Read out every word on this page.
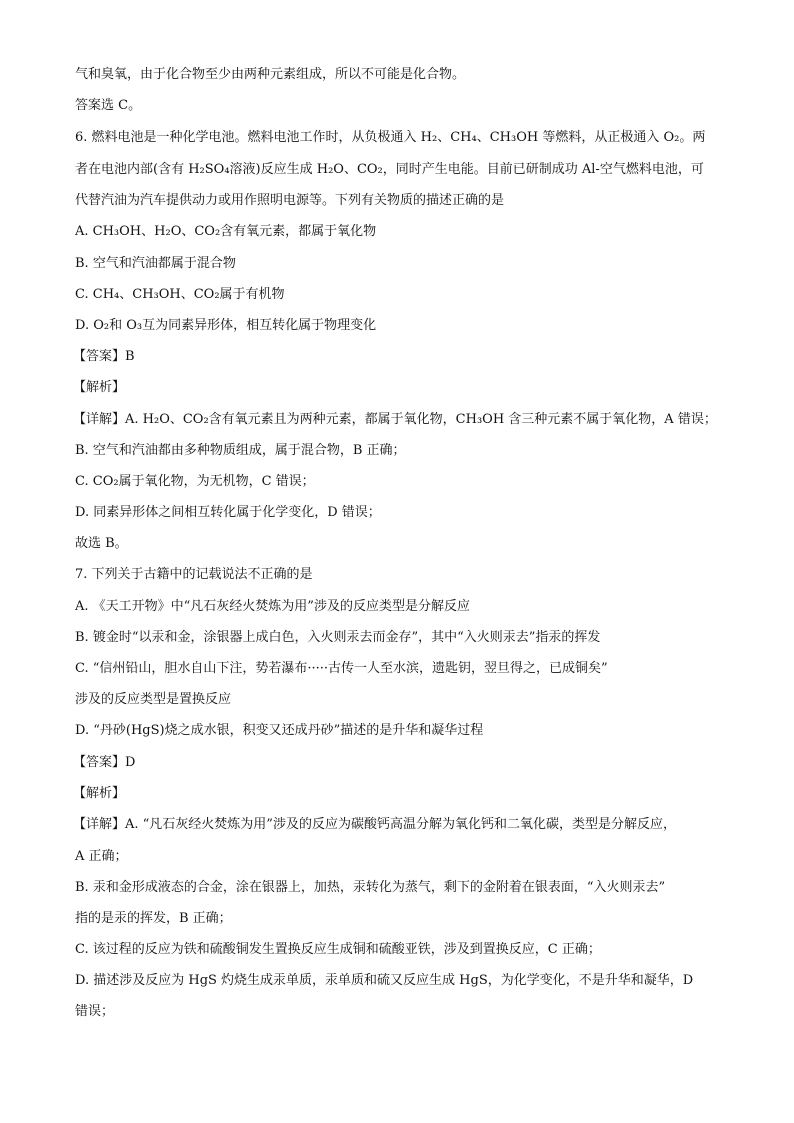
气和臭氧，由于化合物至少由两种元素组成，所以不可能是化合物。
答案选 C。
6. 燃料电池是一种化学电池。燃料电池工作时，从负极通入 H₂、CH₄、CH₃OH 等燃料，从正极通入 O₂。两
者在电池内部(含有 H₂SO₄溶液)反应生成 H₂O、CO₂，同时产生电能。目前已研制成功 Al-空气燃料电池，可
代替汽油为汽车提供动力或用作照明电源等。下列有关物质的描述正确的是
A. CH₃OH、H₂O、CO₂含有氧元素，都属于氧化物
B. 空气和汽油都属于混合物
C. CH₄、CH₃OH、CO₂属于有机物
D. O₂和 O₃互为同素异形体，相互转化属于物理变化
【答案】B
【解析】
【详解】A. H₂O、CO₂含有氧元素且为两种元素，都属于氧化物，CH₃OH 含三种元素不属于氧化物，A 错误；
B. 空气和汽油都由多种物质组成，属于混合物，B 正确；
C. CO₂属于氧化物，为无机物，C 错误；
D. 同素异形体之间相互转化属于化学变化，D 错误；
故选 B。
7. 下列关于古籍中的记载说法不正确的是
A. 《天工开物》中“凡石灰经火焚炼为用”涉及的反应类型是分解反应
B. 镀金时“以汞和金，涂银器上成白色，入火则汞去而金存”，其中“入火则汞去”指汞的挥发
C. “信州铅山，胆水自山下注，势若瀑布·····古传一人至水滨，遗匙钥，翌旦得之，已成铜矣”
涉及的反应类型是置换反应
D. “丹砂(HgS)烧之成水银，积变又还成丹砂”描述的是升华和凝华过程
【答案】D
【解析】
【详解】A. “凡石灰经火焚炼为用”涉及的反应为碳酸钙高温分解为氧化钙和二氧化碳，类型是分解反应，
A 正确；
B. 汞和金形成液态的合金，涂在银器上，加热，汞转化为蒸气，剩下的金附着在银表面，“入火则汞去”
指的是汞的挥发，B 正确；
C. 该过程的反应为铁和硫酸铜发生置换反应生成铜和硫酸亚铁，涉及到置换反应，C 正确；
D. 描述涉及反应为 HgS 灼烧生成汞单质，汞单质和硫又反应生成 HgS，为化学变化，不是升华和凝华，D
错误；
